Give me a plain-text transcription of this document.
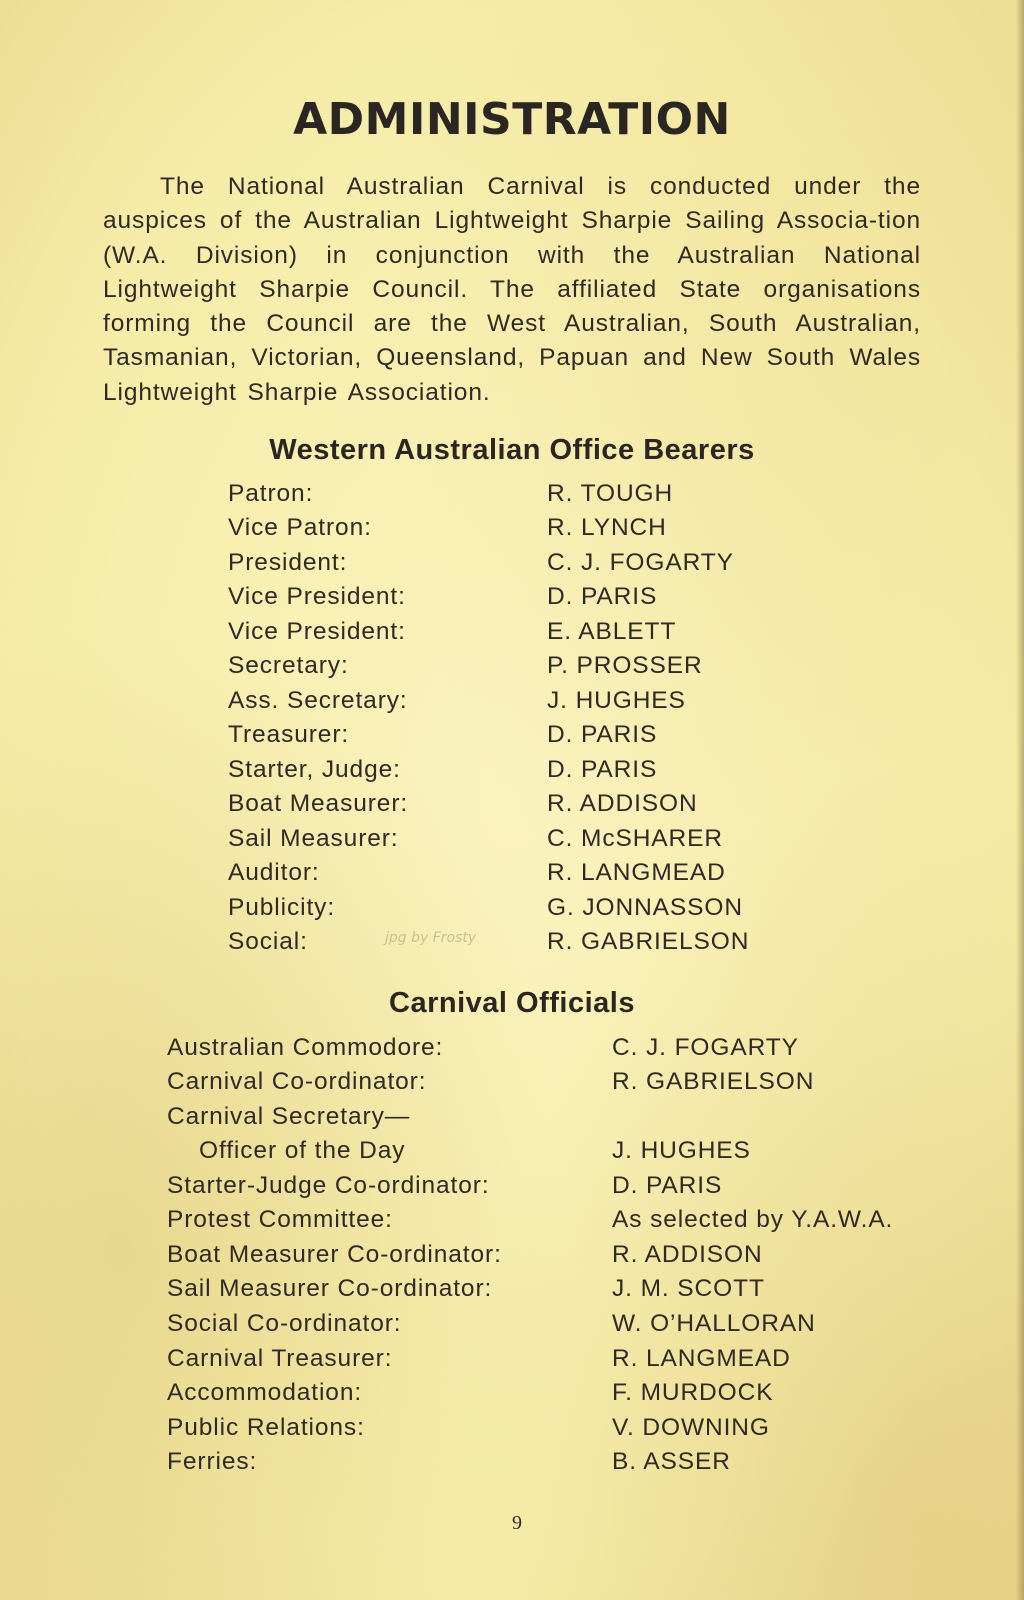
ADMINISTRATION

The National Australian Carnival is conducted under the auspices of the Australian Lightweight Sharpie Sailing Associa-tion (W.A. Division) in conjunction with the Australian National Lightweight Sharpie Council. The affiliated State organisations forming the Council are the West Australian, South Australian, Tasmanian, Victorian, Queensland, Papuan and New South Wales Lightweight Sharpie Association.

Western Australian Office Bearers
Patron:	R. TOUGH
Vice Patron:	R. LYNCH
President:	C. J. FOGARTY
Vice President:	D. PARIS
Vice President:	E. ABLETT
Secretary:	P. PROSSER
Ass. Secretary:	J. HUGHES
Treasurer:	D. PARIS
Starter, Judge:	D. PARIS
Boat Measurer:	R. ADDISON
Sail Measurer:	C. McSHARER
Auditor:	R. LANGMEAD
Publicity:	G. JONNASSON
Social:	R. GABRIELSON
jpg by Frosty
Carnival Officials
Australian Commodore:	C. J. FOGARTY
Carnival Co-ordinator:	R. GABRIELSON
Carnival Secretary—
Officer of the Day	J. HUGHES
Starter-Judge Co-ordinator:	D. PARIS
Protest Committee:	As selected by Y.A.W.A.
Boat Measurer Co-ordinator:	R. ADDISON
Sail Measurer Co-ordinator:	J. M. SCOTT
Social Co-ordinator:	W. O’HALLORAN
Carnival Treasurer:	R. LANGMEAD
Accommodation:	F. MURDOCK
Public Relations:	V. DOWNING
Ferries:	B. ASSER
9
